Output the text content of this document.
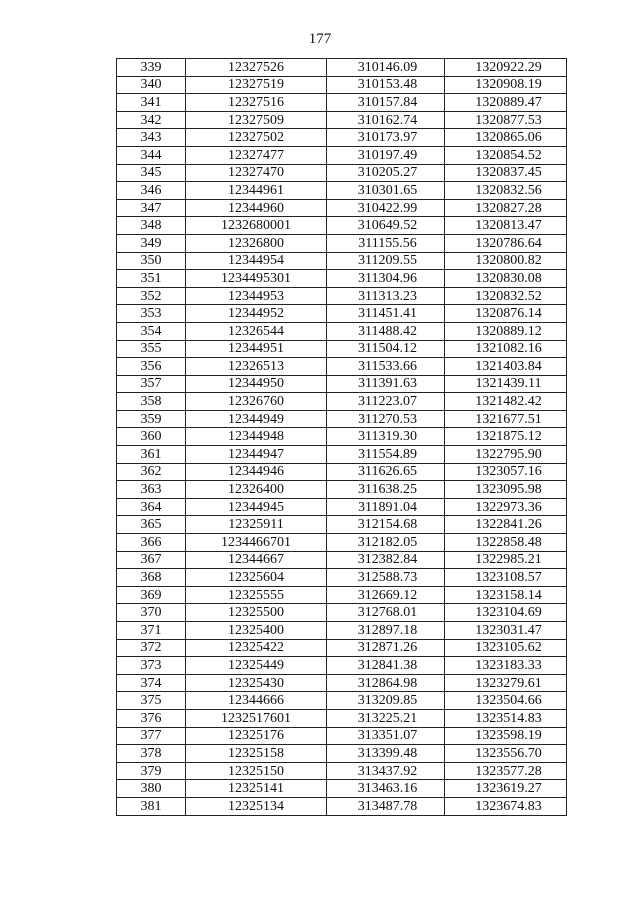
177
339	12327526	310146.09	1320922.29
340	12327519	310153.48	1320908.19
341	12327516	310157.84	1320889.47
342	12327509	310162.74	1320877.53
343	12327502	310173.97	1320865.06
344	12327477	310197.49	1320854.52
345	12327470	310205.27	1320837.45
346	12344961	310301.65	1320832.56
347	12344960	310422.99	1320827.28
348	1232680001	310649.52	1320813.47
349	12326800	311155.56	1320786.64
350	12344954	311209.55	1320800.82
351	1234495301	311304.96	1320830.08
352	12344953	311313.23	1320832.52
353	12344952	311451.41	1320876.14
354	12326544	311488.42	1320889.12
355	12344951	311504.12	1321082.16
356	12326513	311533.66	1321403.84
357	12344950	311391.63	1321439.11
358	12326760	311223.07	1321482.42
359	12344949	311270.53	1321677.51
360	12344948	311319.30	1321875.12
361	12344947	311554.89	1322795.90
362	12344946	311626.65	1323057.16
363	12326400	311638.25	1323095.98
364	12344945	311891.04	1322973.36
365	12325911	312154.68	1322841.26
366	1234466701	312182.05	1322858.48
367	12344667	312382.84	1322985.21
368	12325604	312588.73	1323108.57
369	12325555	312669.12	1323158.14
370	12325500	312768.01	1323104.69
371	12325400	312897.18	1323031.47
372	12325422	312871.26	1323105.62
373	12325449	312841.38	1323183.33
374	12325430	312864.98	1323279.61
375	12344666	313209.85	1323504.66
376	1232517601	313225.21	1323514.83
377	12325176	313351.07	1323598.19
378	12325158	313399.48	1323556.70
379	12325150	313437.92	1323577.28
380	12325141	313463.16	1323619.27
381	12325134	313487.78	1323674.83
